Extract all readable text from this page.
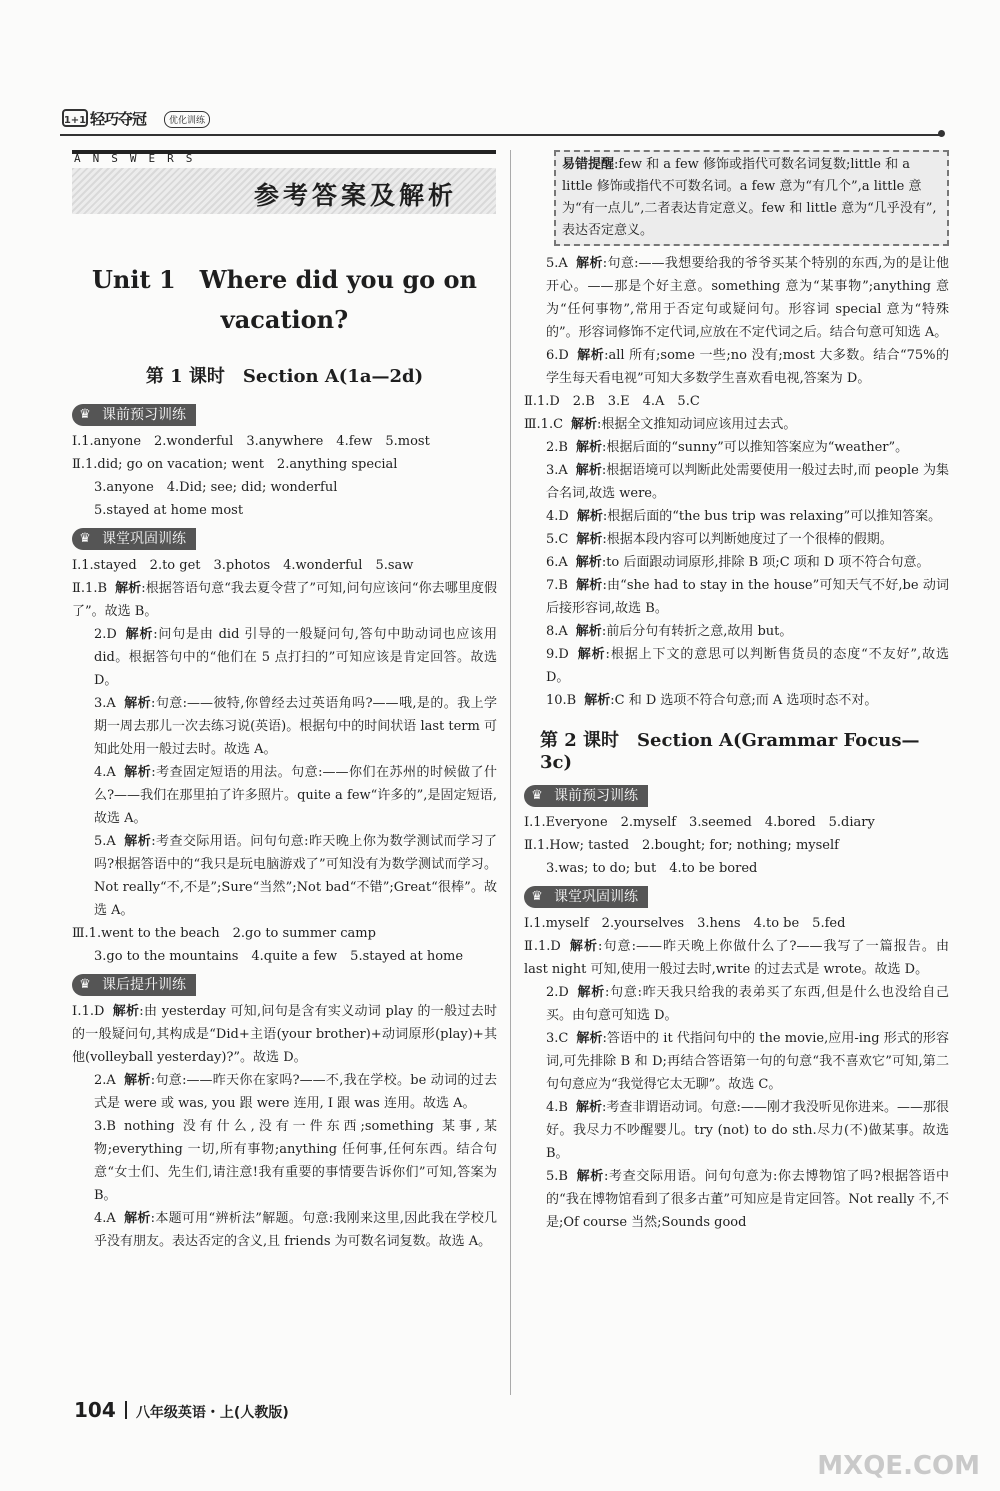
1+1 轻巧夺冠	优化训练
ANSWERS
参考答案及解析
Unit 1　Where did you go on
vacation?
第 1 课时　Section A(1a—2d)
♛ 课前预习训练
Ⅰ.1.anyone　2.wonderful　3.anywhere　4.few　5.most
Ⅱ.1.did; go on vacation; went　2.anything special
3.anyone　4.Did; see; did; wonderful
5.stayed at home most
♛ 课堂巩固训练
Ⅰ.1.stayed　2.to get　3.photos　4.wonderful　5.saw
Ⅱ.1.B 解析:根据答语句意“我去夏令营了”可知,问句应该问“你去哪里度假了”。故选 B。
2.D 解析:问句是由 did 引导的一般疑问句,答句中助动词也应该用 did。根据答句中的“他们在 5 点打扫的”可知应该是肯定回答。故选 D。
3.A 解析:句意:——彼特,你曾经去过英语角吗?——哦,是的。我上学期一周去那儿一次去练习说(英语)。根据句中的时间状语 last term 可知此处用一般过去时。故选 A。
4.A 解析:考查固定短语的用法。句意:——你们在苏州的时候做了什么?——我们在那里拍了许多照片。quite a few“许多的”,是固定短语,故选 A。
5.A 解析:考查交际用语。问句句意:昨天晚上你为数学测试而学习了吗?根据答语中的“我只是玩电脑游戏了”可知没有为数学测试而学习。Not really“不,不是”;Sure“当然”;Not bad“不错”;Great“很棒”。故选 A。
Ⅲ.1.went to the beach　2.go to summer camp
3.go to the mountains　4.quite a few　5.stayed at home
♛ 课后提升训练
Ⅰ.1.D 解析:由 yesterday 可知,问句是含有实义动词 play 的一般过去时的一般疑问句,其构成是“Did+主语(your brother)+动词原形(play)+其他(volleyball yesterday)?”。故选 D。
2.A 解析:句意:——昨天你在家吗?——不,我在学校。be 动词的过去式是 were 或 was, you 跟 were 连用, I 跟 was 连用。故选 A。
3.B nothing 没有什么,没有一件东西;something 某事,某物;everything 一切,所有事物;anything 任何事,任何东西。结合句意“女士们、先生们,请注意!我有重要的事情要告诉你们”可知,答案为 B。
4.A 解析:本题可用“辨析法”解题。句意:我刚来这里,因此我在学校几乎没有朋友。表达否定的含义,且 friends 为可数名词复数。故选 A。
易错提醒:few 和 a few 修饰或指代可数名词复数;little 和 a little 修饰或指代不可数名词。a few 意为“有几个”,a little 意为“有一点儿”,二者表达肯定意义。few 和 little 意为“几乎没有”,表达否定意义。
5.A 解析:句意:——我想要给我的爷爷买某个特别的东西,为的是让他开心。——那是个好主意。something 意为“某事物”;anything 意为“任何事物”,常用于否定句或疑问句。形容词 special 意为“特殊的”。形容词修饰不定代词,应放在不定代词之后。结合句意可知选 A。
6.D 解析:all 所有;some 一些;no 没有;most 大多数。结合“75%的学生每天看电视”可知大多数学生喜欢看电视,答案为 D。
Ⅱ.1.D　2.B　3.E　4.A　5.C
Ⅲ.1.C 解析:根据全文推知动词应该用过去式。
2.B 解析:根据后面的“sunny”可以推知答案应为“weather”。
3.A 解析:根据语境可以判断此处需要使用一般过去时,而 people 为集合名词,故选 were。
4.D 解析:根据后面的“the bus trip was relaxing”可以推知答案。
5.C 解析:根据本段内容可以判断她度过了一个很棒的假期。
6.A 解析:to 后面跟动词原形,排除 B 项;C 项和 D 项不符合句意。
7.B 解析:由“she had to stay in the house”可知天气不好,be 动词后接形容词,故选 B。
8.A 解析:前后分句有转折之意,故用 but。
9.D 解析:根据上下文的意思可以判断售货员的态度“不友好”,故选 D。
10.B 解析:C 和 D 选项不符合句意;而 A 选项时态不对。
第 2 课时　Section A(Grammar Focus—3c)
♛ 课前预习训练
Ⅰ.1.Everyone　2.myself　3.seemed　4.bored　5.diary
Ⅱ.1.How; tasted　2.bought; for; nothing; myself
3.was; to do; but　4.to be bored
♛ 课堂巩固训练
Ⅰ.1.myself　2.yourselves　3.hens　4.to be　5.fed
Ⅱ.1.D 解析:句意:——昨天晚上你做什么了?——我写了一篇报告。由 last night 可知,使用一般过去时,write 的过去式是 wrote。故选 D。
2.D 解析:句意:昨天我只给我的表弟买了东西,但是什么也没给自己买。由句意可知选 D。
3.C 解析:答语中的 it 代指问句中的 the movie,应用-ing 形式的形容词,可先排除 B 和 D;再结合答语第一句的句意“我不喜欢它”可知,第二句句意应为“我觉得它太无聊”。故选 C。
4.B 解析:考查非谓语动词。句意:——刚才我没听见你进来。——那很好。我尽力不吵醒婴儿。try (not) to do sth.尽力(不)做某事。故选 B。
5.B 解析:考查交际用语。问句句意为:你去博物馆了吗?根据答语中的“我在博物馆看到了很多古董”可知应是肯定回答。Not really 不,不是;Of course 当然;Sounds good
104 八年级英语・上(人教版)
MXQE.COM
